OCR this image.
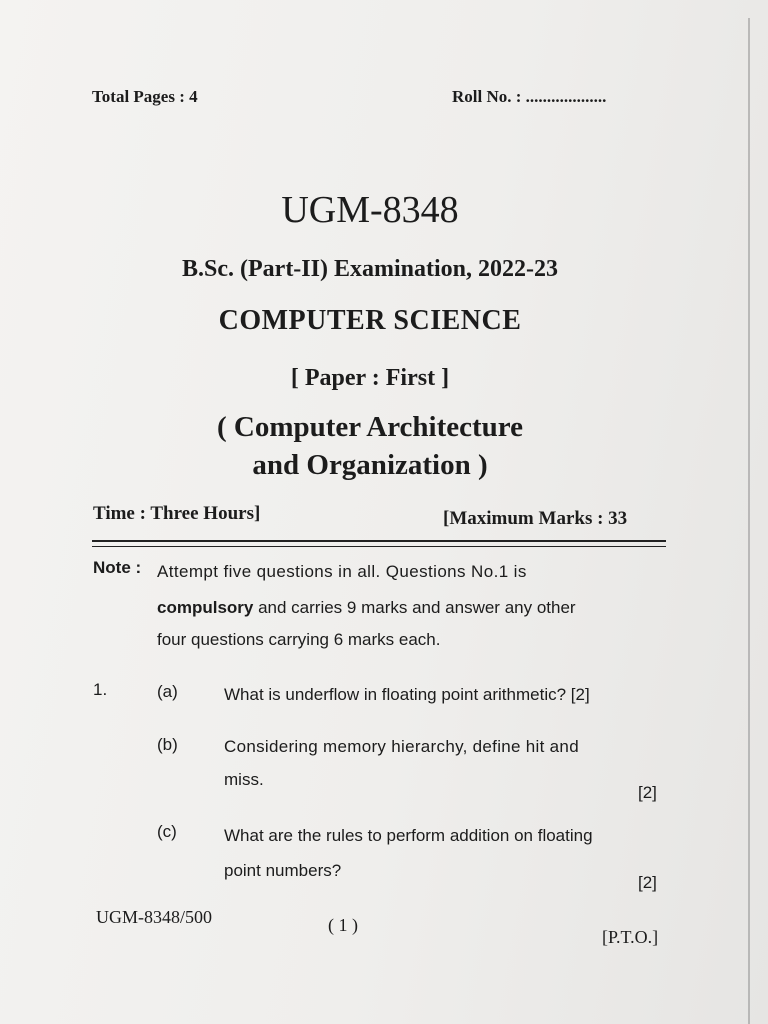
Total Pages : 4	Roll No. : ...................
UGM-8348
B.Sc. (Part-II) Examination, 2022-23
COMPUTER SCIENCE
[ Paper : First ]
( Computer Architecture
and Organization )
Time : Three Hours]	[Maximum Marks : 33
Note : Attempt five questions in all. Questions No.1 is
compulsory and carries 9 marks and answer any other
four questions carrying 6 marks each.
1.	(a)	What is underflow in floating point arithmetic? [2]
(b)	Considering memory hierarchy, define hit and
miss.
[2]
(c)	What are the rules to perform addition on floating
point numbers?
[2]
UGM-8348/500	( 1 )
[P.T.O.]
